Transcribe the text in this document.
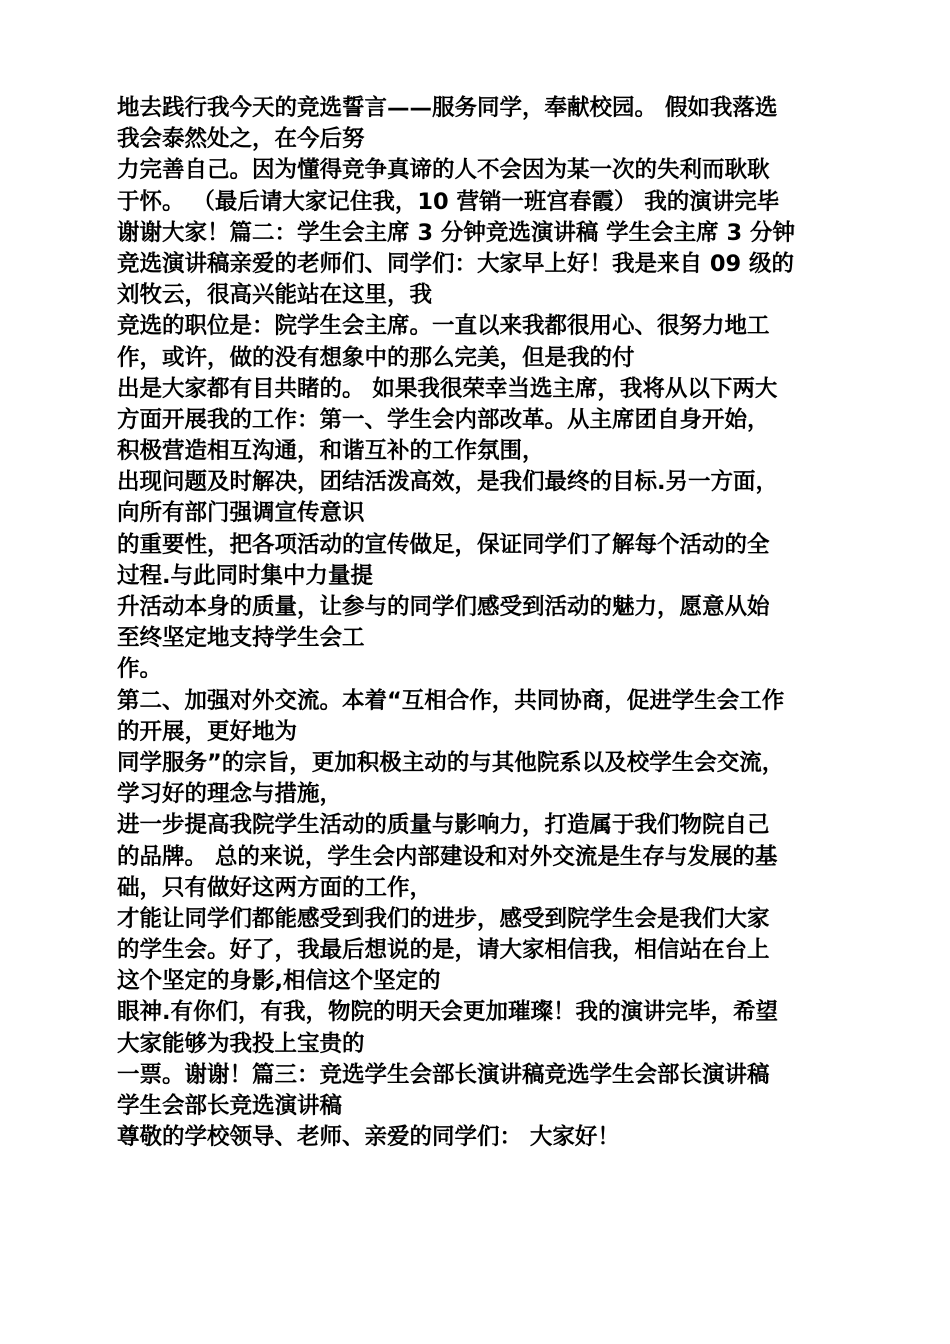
地去践行我今天的竞选誓言——服务同学，奉献校园。 假如我落选
我会泰然处之，在今后努
力完善自己。因为懂得竞争真谛的人不会因为某一次的失利而耿耿
于怀。 （最后请大家记住我，10 营销一班宫春霞） 我的演讲完毕
谢谢大家！篇二：学生会主席 3 分钟竞选演讲稿 学生会主席 3 分钟
竞选演讲稿亲爱的老师们、同学们：大家早上好！我是来自 09 级的
刘牧云，很高兴能站在这里，我
竞选的职位是：院学生会主席。一直以来我都很用心、很努力地工
作，或许，做的没有想象中的那么完美，但是我的付
出是大家都有目共睹的。 如果我很荣幸当选主席，我将从以下两大
方面开展我的工作：第一、学生会内部改革。从主席团自身开始，
积极营造相互沟通，和谐互补的工作氛围，
出现问题及时解决，团结活泼高效，是我们最终的目标.另一方面，
向所有部门强调宣传意识
的重要性，把各项活动的宣传做足，保证同学们了解每个活动的全
过程.与此同时集中力量提
升活动本身的质量，让参与的同学们感受到活动的魅力，愿意从始
至终坚定地支持学生会工
作。
第二、加强对外交流。本着“互相合作，共同协商，促进学生会工作
的开展，更好地为
同学服务”的宗旨，更加积极主动的与其他院系以及校学生会交流，
学习好的理念与措施，
进一步提高我院学生活动的质量与影响力，打造属于我们物院自己
的品牌。 总的来说，学生会内部建设和对外交流是生存与发展的基
础，只有做好这两方面的工作，
才能让同学们都能感受到我们的进步，感受到院学生会是我们大家
的学生会。好了，我最后想说的是，请大家相信我，相信站在台上
这个坚定的身影,相信这个坚定的
眼神.有你们，有我，物院的明天会更加璀璨！我的演讲完毕，希望
大家能够为我投上宝贵的
一票。谢谢！篇三：竞选学生会部长演讲稿竞选学生会部长演讲稿
学生会部长竞选演讲稿
尊敬的学校领导、老师、亲爱的同学们： 大家好！
